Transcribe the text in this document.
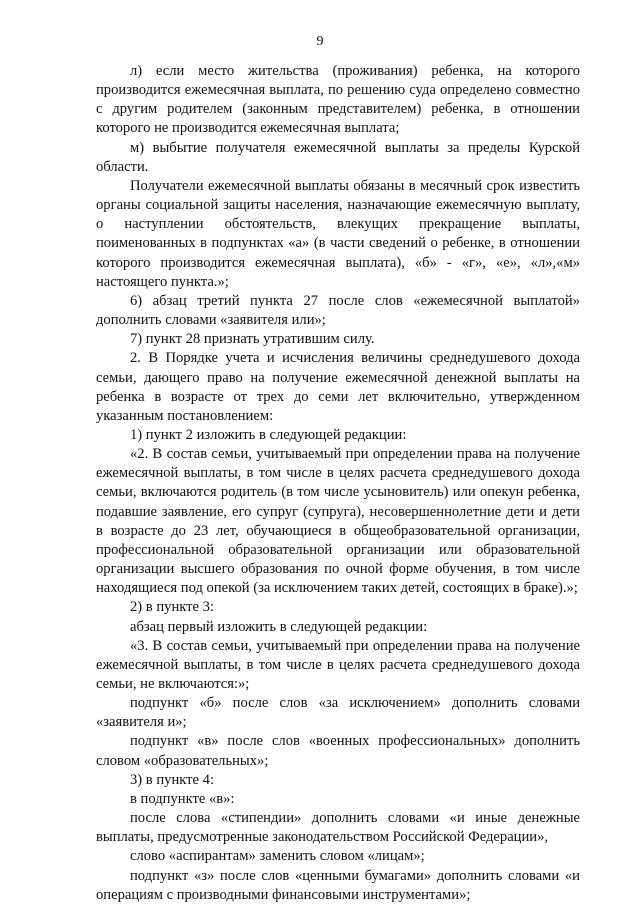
9

л) если место жительства (проживания) ребенка, на которого производится ежемесячная выплата, по решению суда определено совместно с другим родителем (законным представителем) ребенка, в отношении которого не производится ежемесячная выплата;

м) выбытие получателя ежемесячной выплаты за пределы Курской области.

Получатели ежемесячной выплаты обязаны в месячный срок известить органы социальной защиты населения, назначающие ежемесячную выплату, о наступлении обстоятельств, влекущих прекращение выплаты, поименованных в подпунктах «а» (в части сведений о ребенке, в отношении которого производится ежемесячная выплата), «б» - «г», «е», «л»,«м» настоящего пункта.»;

6) абзац третий пункта 27 после слов «ежемесячной выплатой» дополнить словами «заявителя или»;

7) пункт 28 признать утратившим силу.

2. В Порядке учета и исчисления величины среднедушевого дохода семьи, дающего право на получение ежемесячной денежной выплаты на ребенка в возрасте от трех до семи лет включительно, утвержденном указанным постановлением:

1) пункт 2 изложить в следующей редакции:

«2. В состав семьи, учитываемый при определении права на получение ежемесячной выплаты, в том числе в целях расчета среднедушевого дохода семьи, включаются родитель (в том числе усыновитель) или опекун ребенка, подавшие заявление, его супруг (супруга), несовершеннолетние дети и дети в возрасте до 23 лет, обучающиеся в общеобразовательной организации, профессиональной образовательной организации или образовательной организации высшего образования по очной форме обучения, в том числе находящиеся под опекой (за исключением таких детей, состоящих в браке).»;

2) в пункте 3:

абзац первый изложить в следующей редакции:

«3. В состав семьи, учитываемый при определении права на получение ежемесячной выплаты, в том числе в целях расчета среднедушевого дохода семьи, не включаются:»;

подпункт «б» после слов «за исключением» дополнить словами «заявителя и»;

подпункт «в» после слов «военных профессиональных» дополнить словом «образовательных»;

3) в пункте 4:

в подпункте «в»:

после слова «стипендии» дополнить словами «и иные денежные выплаты, предусмотренные законодательством Российской Федерации»,

слово «аспирантам» заменить словом «лицам»;

подпункт «з» после слов «ценными бумагами» дополнить словами «и операциям с производными финансовыми инструментами»;
